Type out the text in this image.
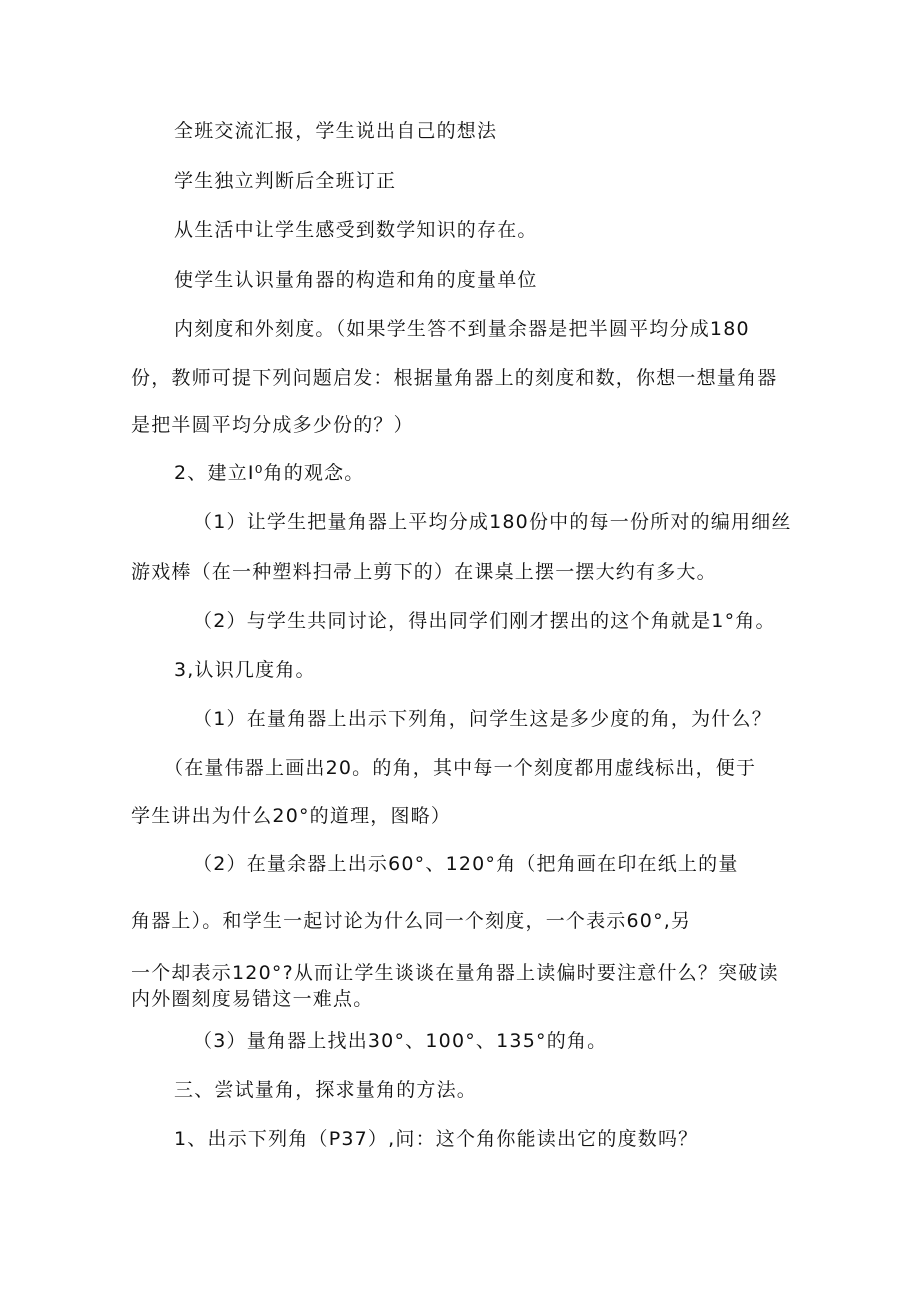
全班交流汇报，学生说出自己的想法
学生独立判断后全班订正
从生活中让学生感受到数学知识的存在。
使学生认识量角器的构造和角的度量单位
内刻度和外刻度。（如果学生答不到量余器是把半圆平均分成180
份，教师可提下列问题启发：根据量角器上的刻度和数，你想一想量角器
是把半圆平均分成多少份的？）
2、建立I⁰角的观念。
（1）让学生把量角器上平均分成180份中的每一份所对的编用细丝
游戏棒（在一种塑料扫帚上剪下的）在课桌上摆一摆大约有多大。
（2）与学生共同讨论，得出同学们刚才摆出的这个角就是1°角。
3,认识几度角。
（1）在量角器上出示下列角，问学生这是多少度的角，为什么？
（在量伟器上画出20。的角，其中每一个刻度都用虚线标出，便于
学生讲出为什么20°的道理，图略）
（2）在量余器上出示60°、120°角（把角画在印在纸上的量
角器上）。和学生一起讨论为什么同一个刻度，一个表示60°,另
一个却表示120°?从而让学生谈谈在量角器上读偏时要注意什么？突破读
内外圈刻度易错这一难点。
（3）量角器上找出30°、100°、135°的角。
三、尝试量角，探求量角的方法。
1、出示下列角（P37）,问：这个角你能读出它的度数吗？
